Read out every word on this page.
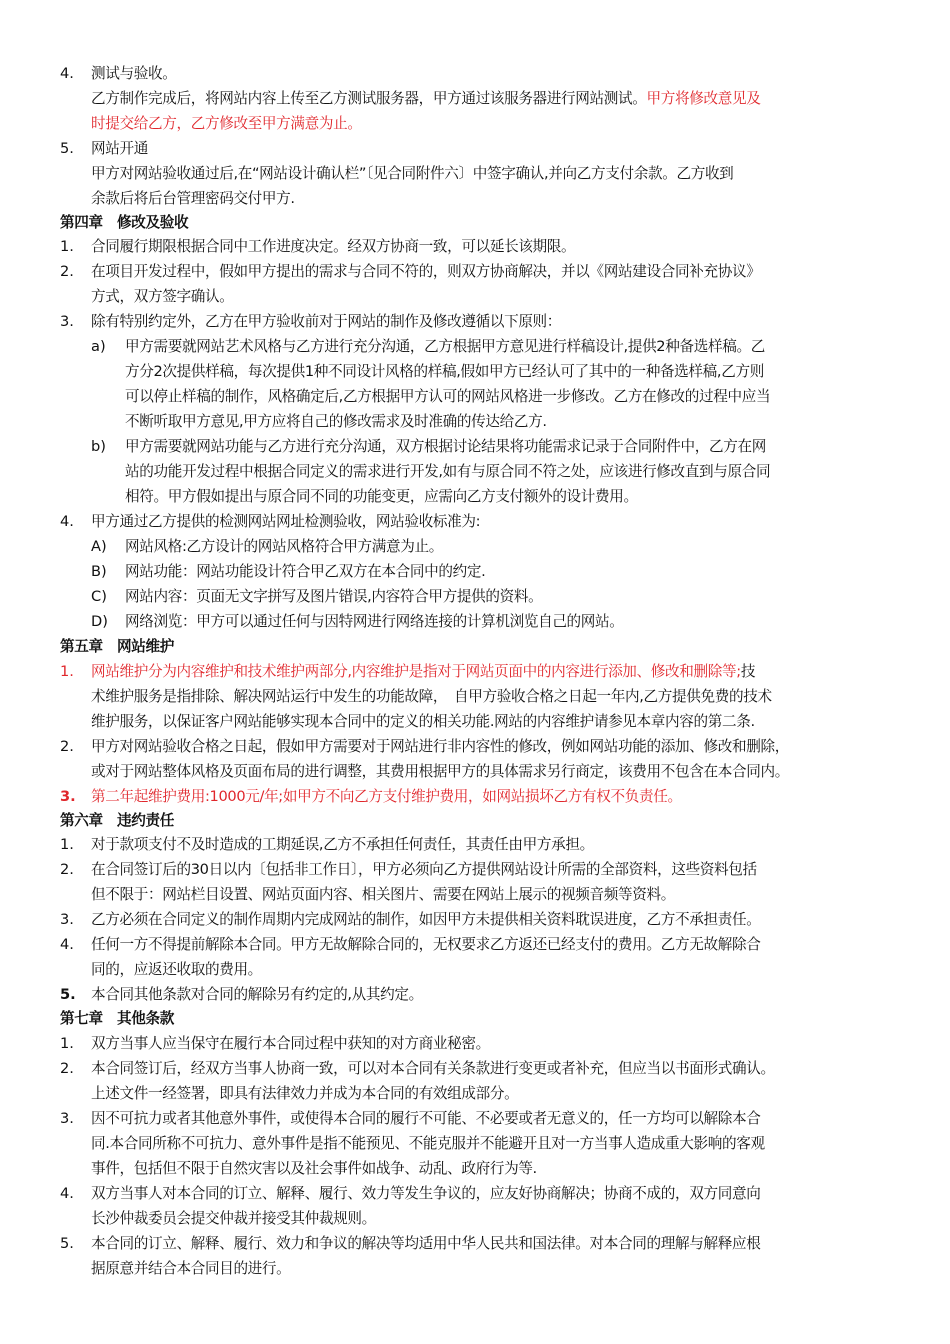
4. 测试与验收。
乙方制作完成后，将网站内容上传至乙方测试服务器，甲方通过该服务器进行网站测试。甲方将修改意见及
时提交给乙方，乙方修改至甲方满意为止。
5. 网站开通
甲方对网站验收通过后,在“网站设计确认栏”〔见合同附件六〕中签字确认,并向乙方支付余款。乙方收到
余款后将后台管理密码交付甲方.
第四章　修改及验收
1. 合同履行期限根据合同中工作进度决定。经双方协商一致，可以延长该期限。
2. 在项目开发过程中，假如甲方提出的需求与合同不符的，则双方协商解决，并以《网站建设合同补充协议》
方式，双方签字确认。
3. 除有特别约定外，乙方在甲方验收前对于网站的制作及修改遵循以下原则：
a) 甲方需要就网站艺术风格与乙方进行充分沟通，乙方根据甲方意见进行样稿设计,提供2种备选样稿。乙
方分2次提供样稿，每次提供1种不同设计风格的样稿,假如甲方已经认可了其中的一种备选样稿,乙方则
可以停止样稿的制作，风格确定后,乙方根据甲方认可的网站风格进一步修改。乙方在修改的过程中应当
不断听取甲方意见,甲方应将自己的修改需求及时准确的传达给乙方.
b) 甲方需要就网站功能与乙方进行充分沟通，双方根据讨论结果将功能需求记录于合同附件中，乙方在网
站的功能开发过程中根据合同定义的需求进行开发,如有与原合同不符之处，应该进行修改直到与原合同
相符。甲方假如提出与原合同不同的功能变更，应需向乙方支付额外的设计费用。
4. 甲方通过乙方提供的检测网站网址检测验收，网站验收标准为:
A) 网站风格:乙方设计的网站风格符合甲方满意为止。
B) 网站功能：网站功能设计符合甲乙双方在本合同中的约定.
C) 网站内容：页面无文字拼写及图片错误,内容符合甲方提供的资料。
D) 网络浏览：甲方可以通过任何与因特网进行网络连接的计算机浏览自己的网站。
第五章　网站维护
1. 网站维护分为内容维护和技术维护两部分,内容维护是指对于网站页面中的内容进行添加、修改和删除等;技
术维护服务是指排除、解决网站运行中发生的功能故障，　自甲方验收合格之日起一年内,乙方提供免费的技术
维护服务，以保证客户网站能够实现本合同中的定义的相关功能.网站的内容维护请参见本章内容的第二条.
2. 甲方对网站验收合格之日起，假如甲方需要对于网站进行非内容性的修改，例如网站功能的添加、修改和删除，
或对于网站整体风格及页面布局的进行调整，其费用根据甲方的具体需求另行商定，该费用不包含在本合同内。
3. 第二年起维护费用:1000元/年;如甲方不向乙方支付维护费用，如网站损坏乙方有权不负责任。
第六章　违约责任
1. 对于款项支付不及时造成的工期延误,乙方不承担任何责任，其责任由甲方承担。
2. 在合同签订后的30日以内〔包括非工作日〕，甲方必须向乙方提供网站设计所需的全部资料，这些资料包括
但不限于：网站栏目设置、网站页面内容、相关图片、需要在网站上展示的视频音频等资料。
3. 乙方必须在合同定义的制作周期内完成网站的制作，如因甲方未提供相关资料耽误进度，乙方不承担责任。
4. 任何一方不得提前解除本合同。甲方无故解除合同的，无权要求乙方返还已经支付的费用。乙方无故解除合
同的，应返还收取的费用。
5. 本合同其他条款对合同的解除另有约定的,从其约定。
第七章　其他条款
1. 双方当事人应当保守在履行本合同过程中获知的对方商业秘密。
2. 本合同签订后，经双方当事人协商一致，可以对本合同有关条款进行变更或者补充，但应当以书面形式确认。
上述文件一经签署，即具有法律效力并成为本合同的有效组成部分。
3. 因不可抗力或者其他意外事件，或使得本合同的履行不可能、不必要或者无意义的，任一方均可以解除本合
同.本合同所称不可抗力、意外事件是指不能预见、不能克服并不能避开且对一方当事人造成重大影响的客观
事件，包括但不限于自然灾害以及社会事件如战争、动乱、政府行为等.
4. 双方当事人对本合同的订立、解释、履行、效力等发生争议的，应友好协商解决；协商不成的，双方同意向
长沙仲裁委员会提交仲裁并接受其仲裁规则。
5. 本合同的订立、解释、履行、效力和争议的解决等均适用中华人民共和国法律。对本合同的理解与解释应根
据原意并结合本合同目的进行。
